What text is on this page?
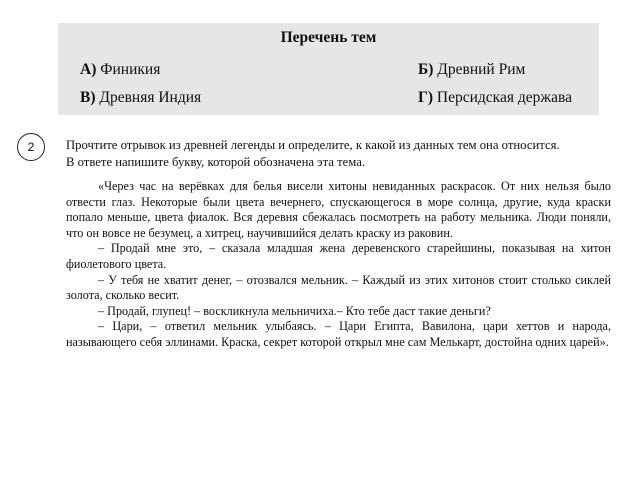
Перечень тем
А) Финикия	Б) Древний Рим
В) Древняя Индия	Г) Персидская держава
2	Прочтите отрывок из древней легенды и определите, к какой из данных тем она относится.
В ответе напишите букву, которой обозначена эта тема.

«Через час на верёвках для белья висели хитоны невиданных раскрасок. От них нельзя было отвести глаз. Некоторые были цвета вечернего, спускающегося в море солнца, другие, куда краски попало меньше, цвета фиалок. Вся деревня сбежалась посмотреть на работу мельника. Люди поняли, что он вовсе не безумец, а хитрец, научившийся делать краску из раковин.

– Продай мне это, – сказала младшая жена деревенского старейшины, показывая на хитон фиолетового цвета.

– У тебя не хватит денег, – отозвался мельник. – Каждый из этих хитонов стоит столько сиклей золота, сколько весит.

– Продай, глупец! – воскликнула мельничиха.– Кто тебе даст такие деньги?

– Цари, – ответил мельник улыбаясь. – Цари Египта, Вавилона, цари хеттов и народа, называющего себя эллинами. Краска, секрет которой открыл мне сам Мелькарт, достойна одних царей».
